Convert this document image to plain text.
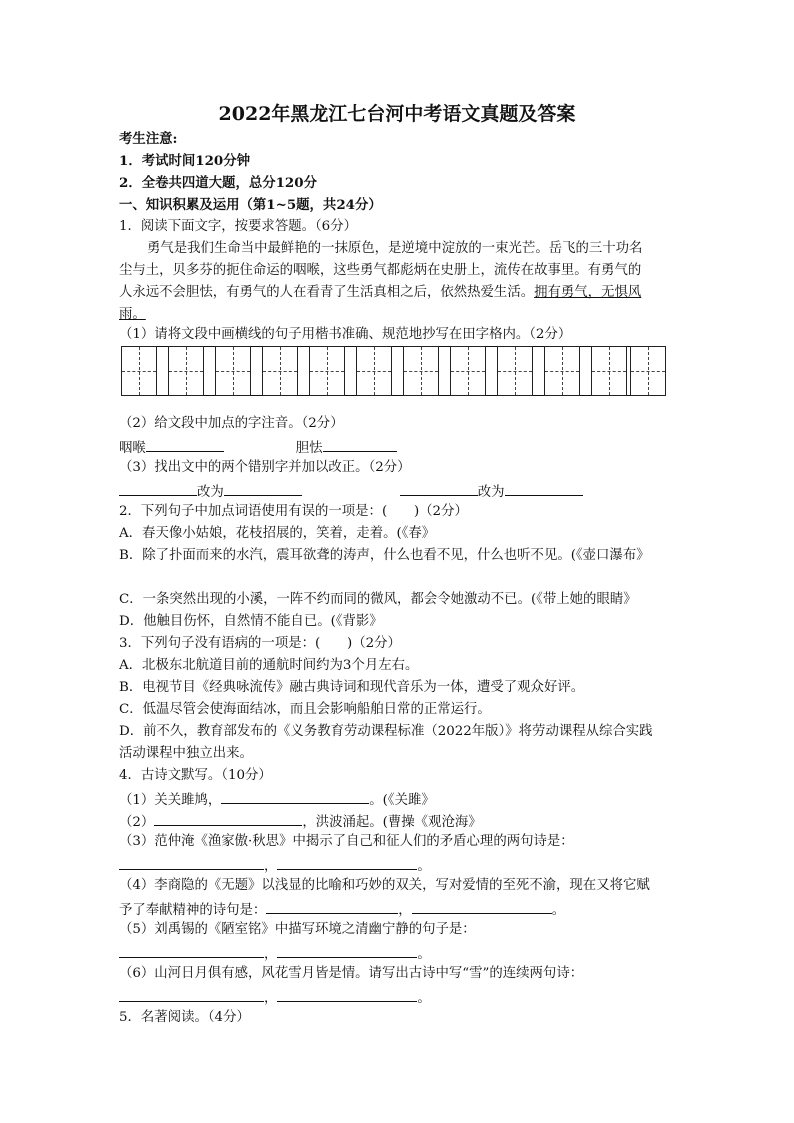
2022年黑龙江七台河中考语文真题及答案
考生注意:
1．考试时间120分钟
2．全卷共四道大题，总分120分
一、知识积累及运用（第1~5题，共24分）
1．阅读下面文字，按要求答题。（6分）
勇气是我们生命当中最鲜艳的一抹原色，是逆境中淀放的一束光芒。岳飞的三十功名
尘与土，贝多芬的扼住命运的咽喉，这些勇气都彪炳在史册上，流传在故事里。有勇气的
人永远不会胆怯，有勇气的人在看青了生活真相之后，依然热爱生活。拥有勇气，无惧风
雨。
（1）请将文段中画横线的句子用楷书准确、规范地抄写在田字格内。（2分）
（2）给文段中加点的字注音。（2分）
咽喉	胆怯
（3）找出文中的两个错别字并加以改正。（2分）
改为	改为
2．下列句子中加点词语使用有误的一项是：(　　)（2分）
A．春天像小姑娘，花枝招展的，笑着，走着。(《春》
B．除了扑面而来的水汽，震耳欲聋的涛声，什么也看不见，什么也听不见。(《壶口瀑布》
C．一条突然出现的小溪，一阵不约而同的微风，都会令她激动不已。(《带上她的眼睛》
D．他触目伤怀，自然情不能自已。(《背影》
3．下列句子没有语病的一项是：(　　)（2分）
A．北极东北航道目前的通航时间约为3个月左右。
B．电视节目《经典咏流传》融古典诗词和现代音乐为一体，遭受了观众好评。
C．低温尽管会使海面结冰，而且会影响船舶日常的正常运行。
D．前不久，教育部发布的《义务教育劳动课程标准（2022年版）》将劳动课程从综合实践
活动课程中独立出来。
4．古诗文默写。（10分）
（1）关关雎鸠，	。(《关雎》
（2）	，洪波涌起。(曹操《观沧海》
（3）范仲淹《渔家傲·秋思》中揭示了自己和征人们的矛盾心理的两句诗是：
，	。
（4）李商隐的《无题》以浅显的比喻和巧妙的双关，写对爱情的至死不渝，现在又将它赋
予了奉献精神的诗句是：	，	。
（5）刘禹锡的《陋室铭》中描写环境之清幽宁静的句子是：
，	。
（6）山河日月俱有感，风花雪月皆是情。请写出古诗中写“雪”的连续两句诗：
，	。
5．名著阅读。（4分）
